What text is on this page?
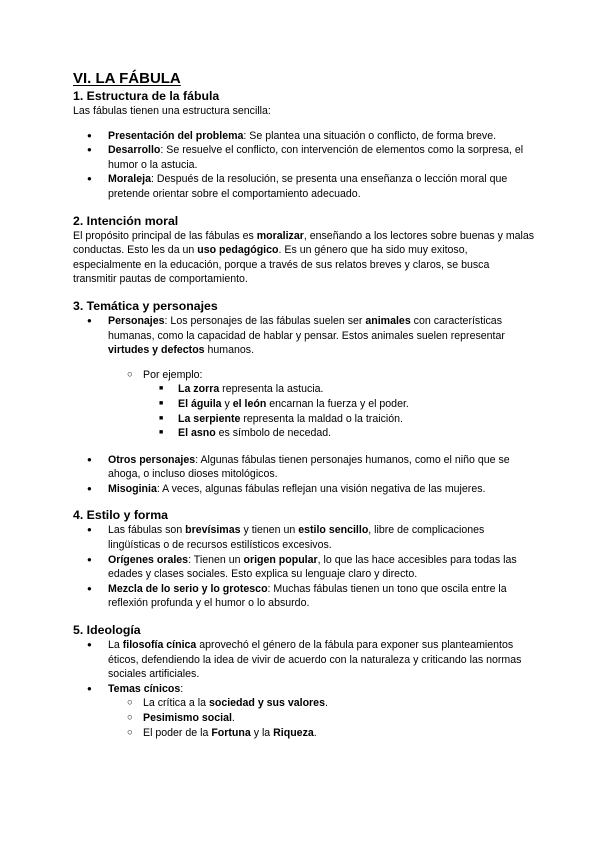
VI. LA FÁBULA
1. Estructura de la fábula

Las fábulas tienen una estructura sencilla:

● Presentación del problema: Se plantea una situación o conflicto, de forma breve.
● Desarrollo: Se resuelve el conflicto, con intervención de elementos como la sorpresa, el humor o la astucia.
● Moraleja: Después de la resolución, se presenta una enseñanza o lección moral que pretende orientar sobre el comportamiento adecuado.
2. Intención moral

El propósito principal de las fábulas es moralizar, enseñando a los lectores sobre buenas y malas conductas. Esto les da un uso pedagógico. Es un género que ha sido muy exitoso, especialmente en la educación, porque a través de sus relatos breves y claros, se busca transmitir pautas de comportamiento.

3. Temática y personajes
● Personajes: Los personajes de las fábulas suelen ser animales con características humanas, como la capacidad de hablar y pensar. Estos animales suelen representar virtudes y defectos humanos.
○ Por ejemplo:
■ La zorra representa la astucia.
■ El águila y el león encarnan la fuerza y el poder.
■ La serpiente representa la maldad o la traición.
■ El asno es símbolo de necedad.
● Otros personajes: Algunas fábulas tienen personajes humanos, como el niño que se ahoga, o incluso dioses mitológicos.
● Misoginia: A veces, algunas fábulas reflejan una visión negativa de las mujeres.
4. Estilo y forma
● Las fábulas son brevísimas y tienen un estilo sencillo, libre de complicaciones lingüísticas o de recursos estilísticos excesivos.
● Orígenes orales: Tienen un origen popular, lo que las hace accesibles para todas las edades y clases sociales. Esto explica su lenguaje claro y directo.
● Mezcla de lo serio y lo grotesco: Muchas fábulas tienen un tono que oscila entre la reflexión profunda y el humor o lo absurdo.
5. Ideología
● La filosofía cínica aprovechó el género de la fábula para exponer sus planteamientos éticos, defendiendo la idea de vivir de acuerdo con la naturaleza y criticando las normas sociales artificiales.
● Temas cínicos:
○ La crítica a la sociedad y sus valores.
○ Pesimismo social.
○ El poder de la Fortuna y la Riqueza.
